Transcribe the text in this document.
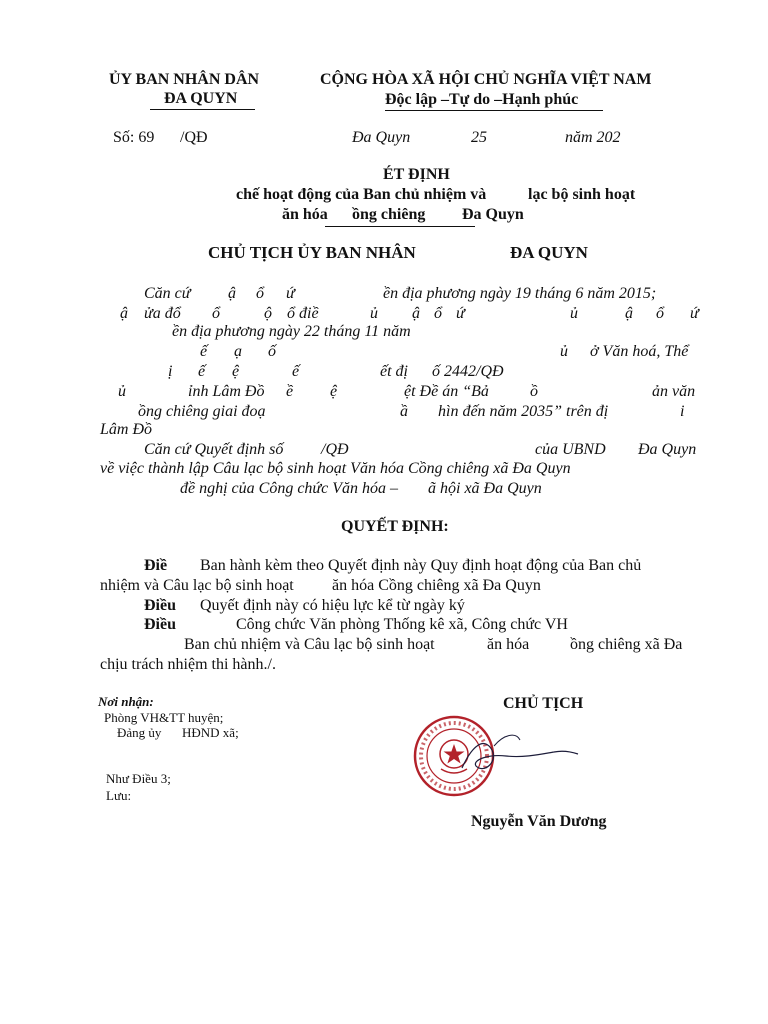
ỦY BAN NHÂN DÂN
ĐA QUYN
CỘNG HÒA XÃ HỘI CHỦ NGHĨA VIỆT NAM
Độc lập –Tự do –Hạnh phúc
Số: 69 /QĐ	Đa Quyn	25	năm 202
ÉT ĐỊNH
chế hoạt động của Ban chủ nhiệm và	lạc bộ sinh hoạt
ăn hóa ồng chiêng Đa Quyn
CHỦ TỊCH ỦY BAN NHÂN	ĐA QUYN
Căn cứ ậ ổ ứ	ền địa phương ngày 19 tháng 6 năm 2015;
ậ ửa đổ ổ	ộ ổ điề	ủ ậ ổ ứ	ủ	ậ ổ ứ
ền địa phương ngày 22 tháng 11 năm
ế ạ ố	ủ ở Văn hoá, Thể
ị ế ệ	ế	ết đị ố 2442/QĐ
ủ	ỉnh Lâm Đồ ề ệ	ệt Đề án “Bả	ồ	ản văn
ồng chiêng giai đoạ	ầ hìn đến năm 2035” trên đị	i
Lâm Đồ
Căn cứ Quyết định số /QĐ	của UBND Đa Quyn
về việc thành lập Câu lạc bộ sinh hoạt Văn hóa Cồng chiêng xã Đa Quyn
đề nghị của Công chức Văn hóa – ã hội xã Đa Quyn
QUYẾT ĐỊNH:
Điề Ban hành kèm theo Quyết định này Quy định hoạt động của Ban chủ
nhiệm và Câu lạc bộ sinh hoạt ăn hóa Cồng chiêng xã Đa Quyn
Điều Quyết định này có hiệu lực kể từ ngày ký
Điều	Công chức Văn phòng Thống kê xã, Công chức VH
Ban chủ nhiệm và Câu lạc bộ sinh hoạt	ăn hóa	ồng chiêng xã Đa
chịu trách nhiệm thi hành./.
Nơi nhận:
Phòng VH&TT huyện;
Đảng ủy HĐND xã;
Như Điều 3;
Lưu:
CHỦ TỊCH
Nguyễn Văn Dương
